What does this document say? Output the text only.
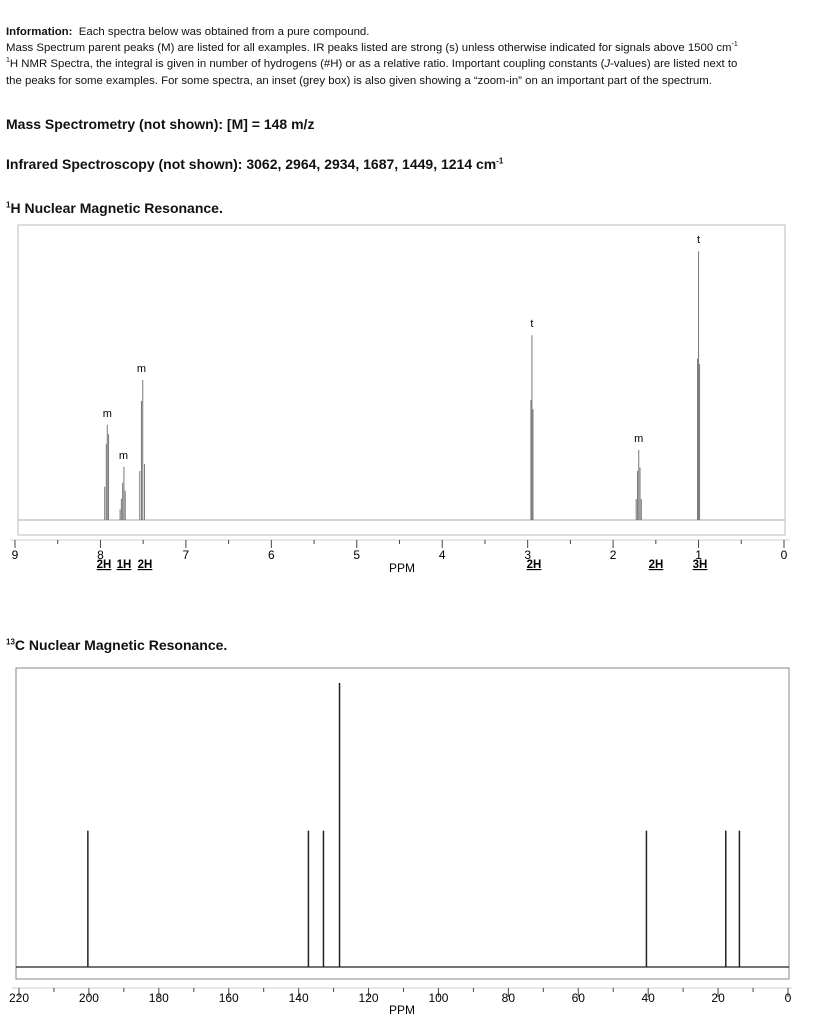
Information: Each spectra below was obtained from a pure compound.
Mass Spectrum parent peaks (M) are listed for all examples. IR peaks listed are strong (s) unless otherwise indicated for signals above 1500 $cm^{-1}$
$^1$H NMR Spectra, the integral is given in number of hydrogens (#H) or as a relative ratio. Important coupling constants (J-values) are listed next to
the peaks for some examples. For some spectra, an inset (grey box) is also given showing a “zoom-in” on an important part of the spectrum.
Mass Spectrometry (not shown): [M] = 148 m/z
Infrared Spectroscopy (not shown): 3062, 2964, 2934, 1687, 1449, 1214 $cm^{-1}$
$^1$H Nuclear Magnetic Resonance.
9	8	7	6	5	4	3	2	1	0
m
m
m
t
m
t
2H 1H 2H	2H	2H	3H
PPM
$^{13}$C Nuclear Magnetic Resonance.
220	200	180	160	140	120	100	80	60	40	20	0
PPM
